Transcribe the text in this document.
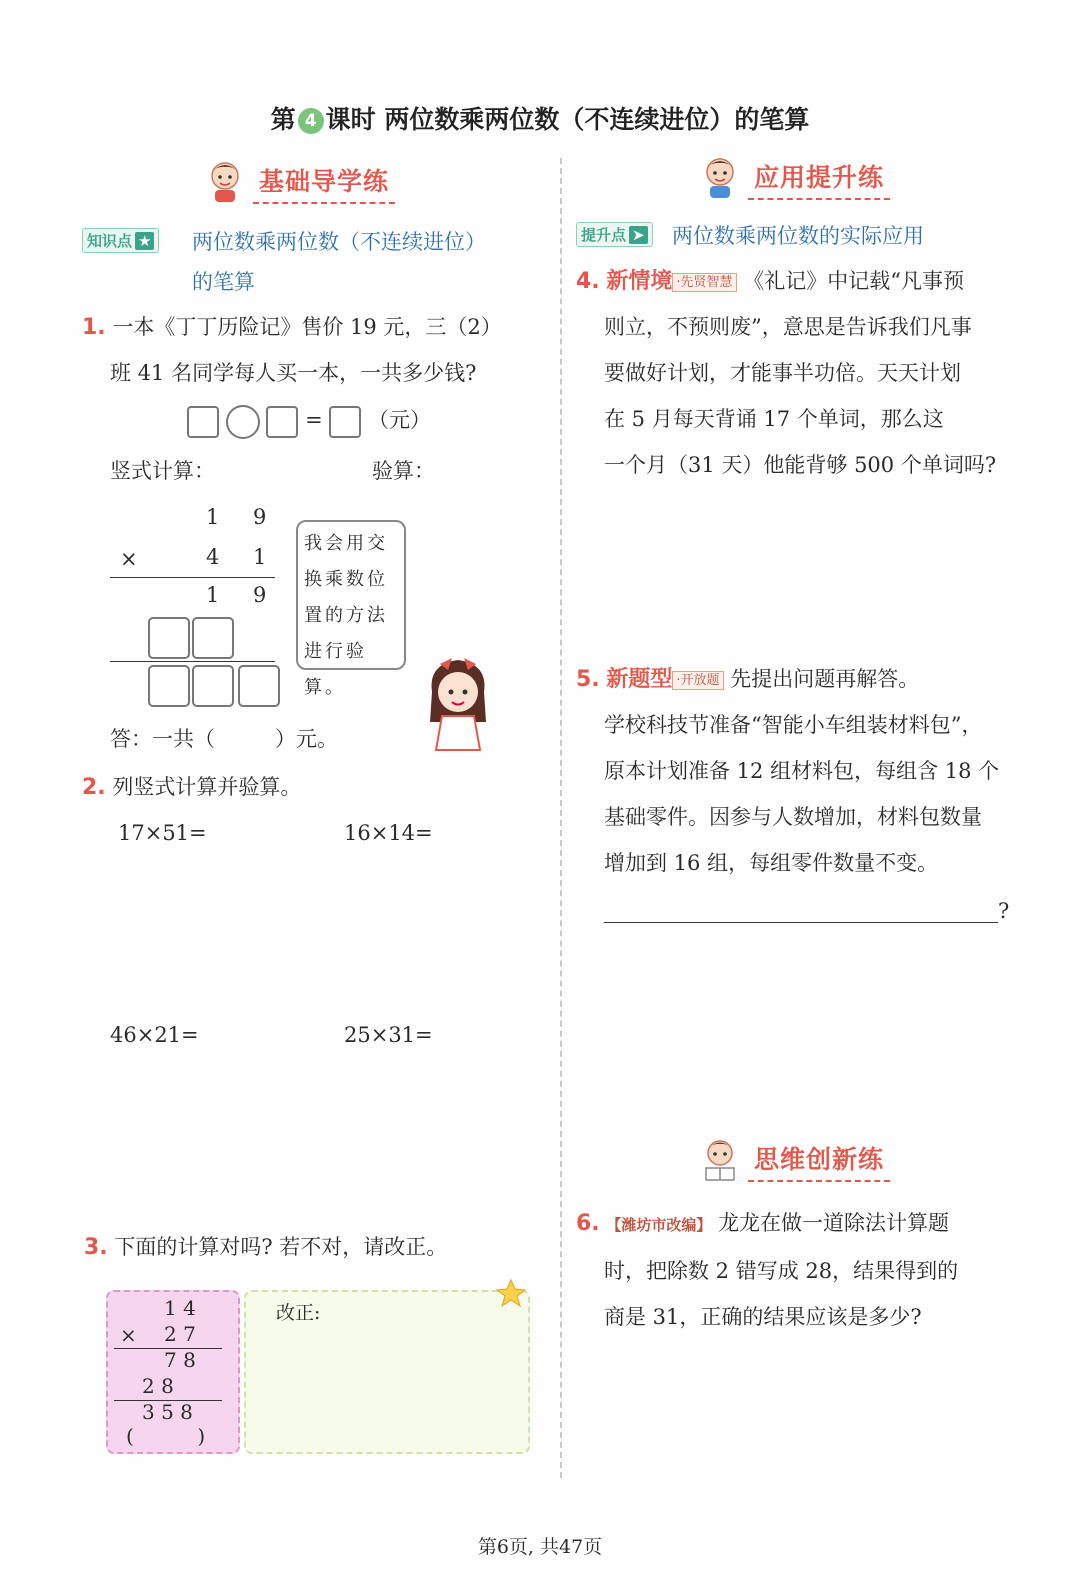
第 4 课时 两位数乘两位数（不连续进位）的笔算
基础导学练
知识点 ★	两位数乘两位数（不连续进位）
的笔算
1. 一本《丁丁历险记》售价 19 元，三（2）
班 41 名同学每人买一本，一共多少钱?
= （元）
竖式计算：	验算：
1 9
×	4 1
1 9
我会用交
换乘数位
置的方法
进行验算。
答：一共（	）元。
2. 列竖式计算并验算。
17×51=	16×14=
46×21=	25×31=
3. 下面的计算对吗? 若不对，请改正。
1 4
× 2 7
7 8
2 8
3 5 8
(          )
改正:
应用提升练
提升点 ➤	两位数乘两位数的实际应用
4. 新情境 ·先贤智慧 《礼记》中记载“凡事预
则立，不预则废”，意思是告诉我们凡事
要做好计划，才能事半功倍。天天计划
在 5 月每天背诵 17 个单词，那么这
一个月（31 天）他能背够 500 个单词吗?
5. 新题型 ·开放题 先提出问题再解答。
学校科技节准备“智能小车组装材料包”，
原本计划准备 12 组材料包，每组含 18 个
基础零件。因参与人数增加，材料包数量
增加到 16 组，每组零件数量不变。
?
思维创新练
6. 【潍坊市改编】 龙龙在做一道除法计算题
时，把除数 2 错写成 28，结果得到的
商是 31，正确的结果应该是多少?
第6页, 共47页
